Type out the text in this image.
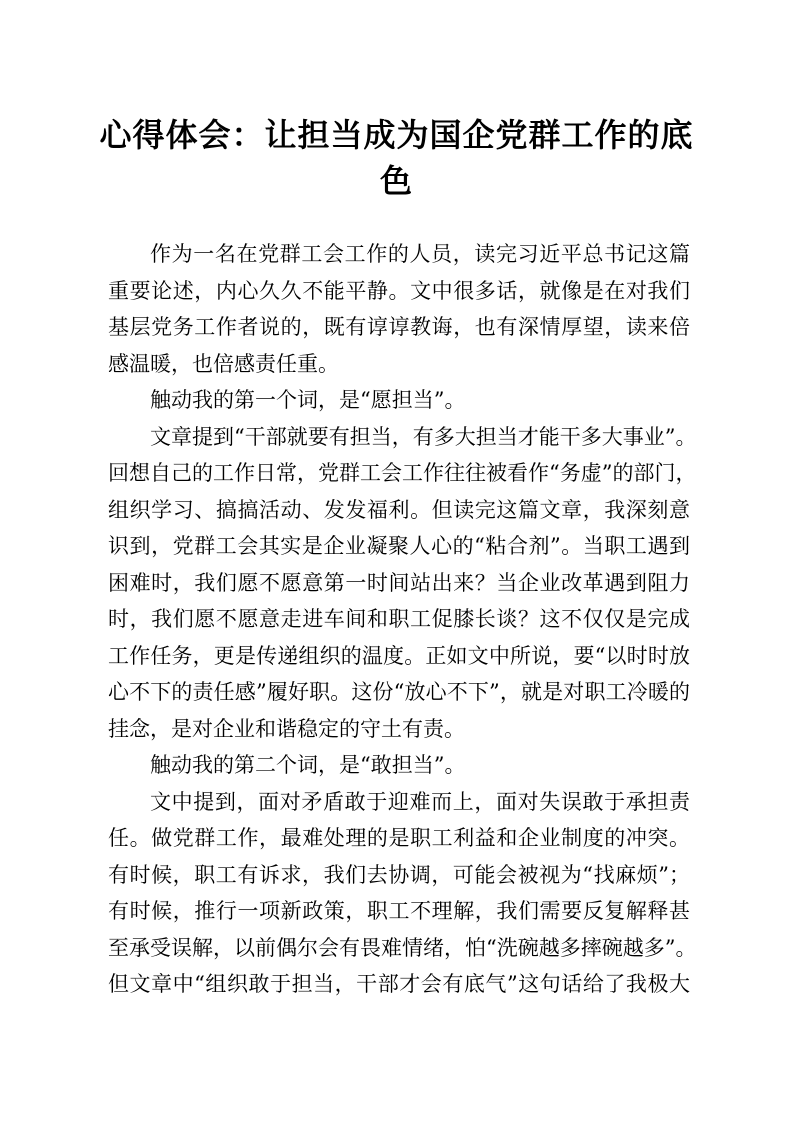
心得体会：让担当成为国企党群工作的底
色

作为一名在党群工会工作的人员，读完习近平总书记这篇
重要论述，内心久久不能平静。文中很多话，就像是在对我们
基层党务工作者说的，既有谆谆教诲，也有深情厚望，读来倍
感温暖，也倍感责任重。

触动我的第一个词，是“愿担当”。

文章提到“干部就要有担当，有多大担当才能干多大事业”。
回想自己的工作日常，党群工会工作往往被看作“务虚”的部门，
组织学习、搞搞活动、发发福利。但读完这篇文章，我深刻意
识到，党群工会其实是企业凝聚人心的“粘合剂”。当职工遇到
困难时，我们愿不愿意第一时间站出来？当企业改革遇到阻力
时，我们愿不愿意走进车间和职工促膝长谈？这不仅仅是完成
工作任务，更是传递组织的温度。正如文中所说，要“以时时放
心不下的责任感”履好职。这份“放心不下”，就是对职工冷暖的
挂念，是对企业和谐稳定的守土有责。

触动我的第二个词，是“敢担当”。

文中提到，面对矛盾敢于迎难而上，面对失误敢于承担责
任。做党群工作，最难处理的是职工利益和企业制度的冲突。
有时候，职工有诉求，我们去协调，可能会被视为“找麻烦”；
有时候，推行一项新政策，职工不理解，我们需要反复解释甚
至承受误解，以前偶尔会有畏难情绪，怕“洗碗越多摔碗越多”。
但文章中“组织敢于担当，干部才会有底气”这句话给了我极大
